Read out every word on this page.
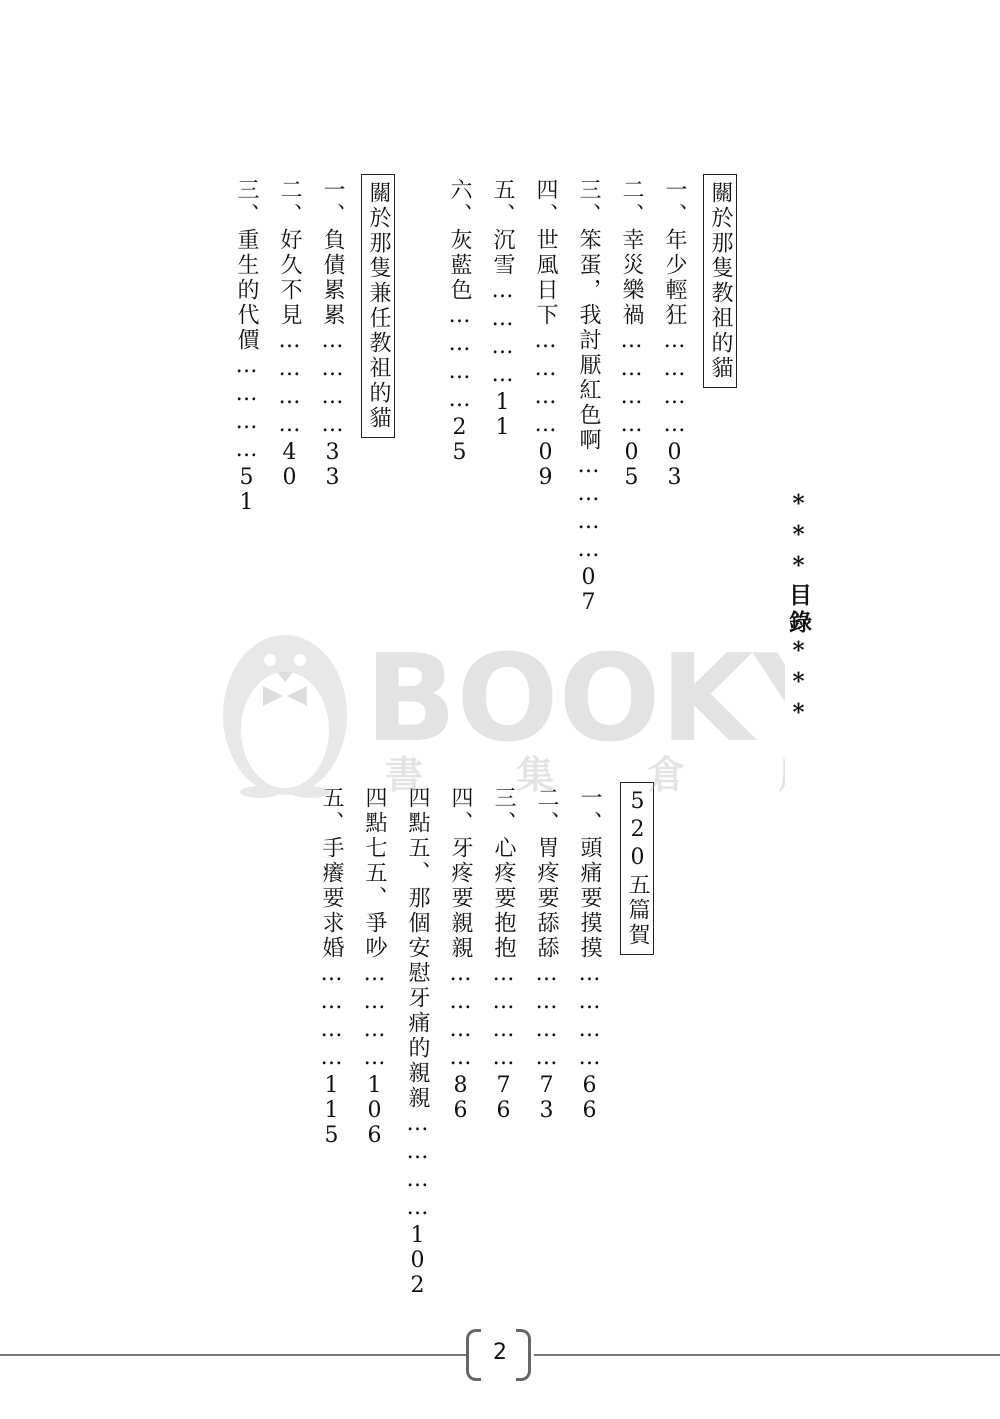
***目錄***
關於那隻教祖的貓
一、年少輕狂…………03
二、幸災樂禍…………05
三、笨蛋，我討厭紅色啊…………07
四、世風日下…………09
五、沉雪…………11
六、灰藍色…………25
關於那隻兼任教祖的貓
一、負債累累…………33
二、好久不見…………40
三、重生的代價…………51
520五篇賀
一、頭痛要摸摸…………66
二、胃疼要舔舔…………73
三、心疼要抱抱…………76
四、牙疼要親親…………86
四點五、那個安慰牙痛的親親…………102
四點七五、爭吵…………106
五、手癢要求婚…………115
BOOK
書 集 倉
2
